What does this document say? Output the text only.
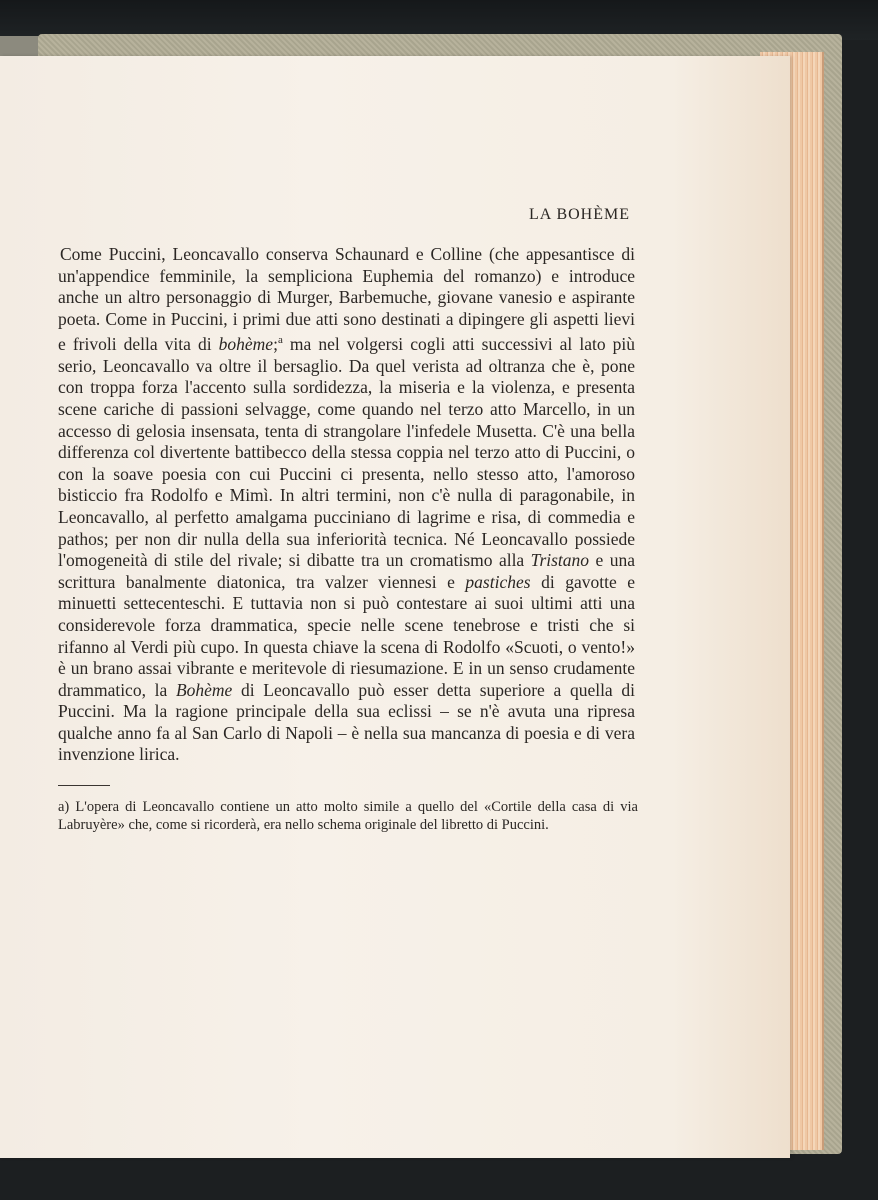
LA BOHÈME
Come Puccini, Leoncavallo conserva Schaunard e Colline (che appesantisce di un'appendice femminile, la sempliciona Euphemia del romanzo) e introduce anche un altro personaggio di Murger, Barbemuche, giovane vanesio e aspirante poeta. Come in Puccini, i primi due atti sono destinati a dipingere gli aspetti lievi e frivoli della vita di bohème;$^a$ ma nel volgersi cogli atti successivi al lato più serio, Leoncavallo va oltre il bersaglio. Da quel verista ad oltranza che è, pone con troppa forza l'accento sulla sordidezza, la miseria e la violenza, e presenta scene cariche di passioni selvagge, come quando nel terzo atto Marcello, in un accesso di gelosia insensata, tenta di strangolare l'infedele Musetta. C'è una bella differenza col divertente battibecco della stessa coppia nel terzo atto di Puccini, o con la soave poesia con cui Puccini ci presenta, nello stesso atto, l'amoroso bisticcio fra Rodolfo e Mimì. In altri termini, non c'è nulla di paragonabile, in Leoncavallo, al perfetto amalgama pucciniano di lagrime e risa, di commedia e pathos; per non dir nulla della sua inferiorità tecnica. Né Leoncavallo possiede l'omogeneità di stile del rivale; si dibatte tra un cromatismo alla Tristano e una scrittura banalmente diatonica, tra valzer viennesi e pastiches di gavotte e minuetti settecenteschi. E tuttavia non si può contestare ai suoi ultimi atti una considerevole forza drammatica, specie nelle scene tenebrose e tristi che si rifanno al Verdi più cupo. In questa chiave la scena di Rodolfo «Scuoti, o vento!» è un brano assai vibrante e meritevole di riesumazione. E in un senso crudamente drammatico, la Bohème di Leoncavallo può esser detta superiore a quella di Puccini. Ma la ragione principale della sua eclissi – se n'è avuta una ripresa qualche anno fa al San Carlo di Napoli – è nella sua mancanza di poesia e di vera invenzione lirica.
a) L'opera di Leoncavallo contiene un atto molto simile a quello del «Cortile della casa di via Labruyère» che, come si ricorderà, era nello schema originale del libretto di Puccini.
